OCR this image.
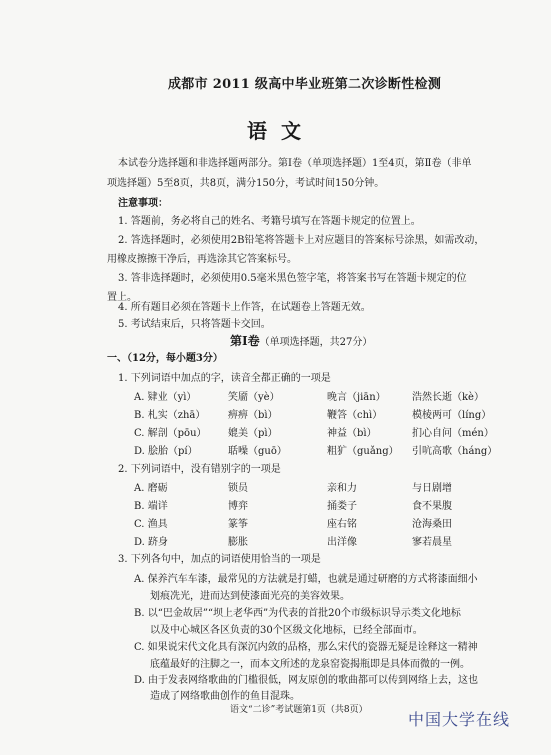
成都市 2011 级高中毕业班第二次诊断性检测
语文
本试卷分选择题和非选择题两部分。第Ⅰ卷（单项选择题）1至4页，第Ⅱ卷（非单
项选择题）5至8页，共8页，满分150分，考试时间150分钟。
注意事项：
1. 答题前，务必将自己的姓名、考籍号填写在答题卡规定的位置上。
2. 答选择题时，必须使用2B铅笔将答题卡上对应题目的答案标号涂黑，如需改动，
用橡皮擦擦干净后，再选涂其它答案标号。
3. 答非选择题时，必须使用0.5毫米黑色签字笔，将答案书写在答题卡规定的位
置上。
4. 所有题目必须在答题卡上作答，在试题卷上答题无效。
5. 考试结束后，只将答题卡交回。
第Ⅰ卷（单项选择题，共27分）
一、（12分，每小题3分）
1. 下列词语中加点的字，读音全都正确的一项是
A. 肄业（yì）	笑靥（yè）	晚言（jiān）	浩然长逝（kè）
B. 札实（zhā） 痹痹（bì）	鞭答（chì）	模棱两可（líng）
C. 解剖（pōu） 媲美（pì）	神益（bì）	扪心自问（mén）
D. 脍胎（pí）	聒噪（guō）	粗犷（guǎng） 引吭高歌（háng）
2. 下列词语中，没有错别字的一项是
A. 磨砺	锁员	亲和力	与日剧增
B. 端详	博弈	捅娄子	食不果腹
C. 渔具	篆筝	座右铭	沧海桑田
D. 跻身	膨胀	出洋像	寥若晨星
3. 下列各句中，加点的词语使用恰当的一项是
A. 保养汽车车漆，最常见的方法就是打蜡，也就是通过研磨的方式将漆面细小
划痕冼光，进而达到使漆面光亮的美容效果。
B. 以“巴金故居”“坝上老华西”为代表的首批20个市级标识导示类文化地标
以及中心城区各区负责的30个区级文化地标，已经全部面市。
C. 如果说宋代文化具有深沉内敛的品格，那么宋代的瓷器无疑是诠释这一精神
底蕴最好的注脚之一，而本文所述的龙泉窑瓷揭瓶即是具体而微的一例。
D. 由于发表网络歌曲的门槛很低，网友原创的歌曲都可以传到网络上去，这也
造成了网络歌曲创作的鱼目混珠。
语文“二诊”考试题第1页（共8页）	中国大学在线
